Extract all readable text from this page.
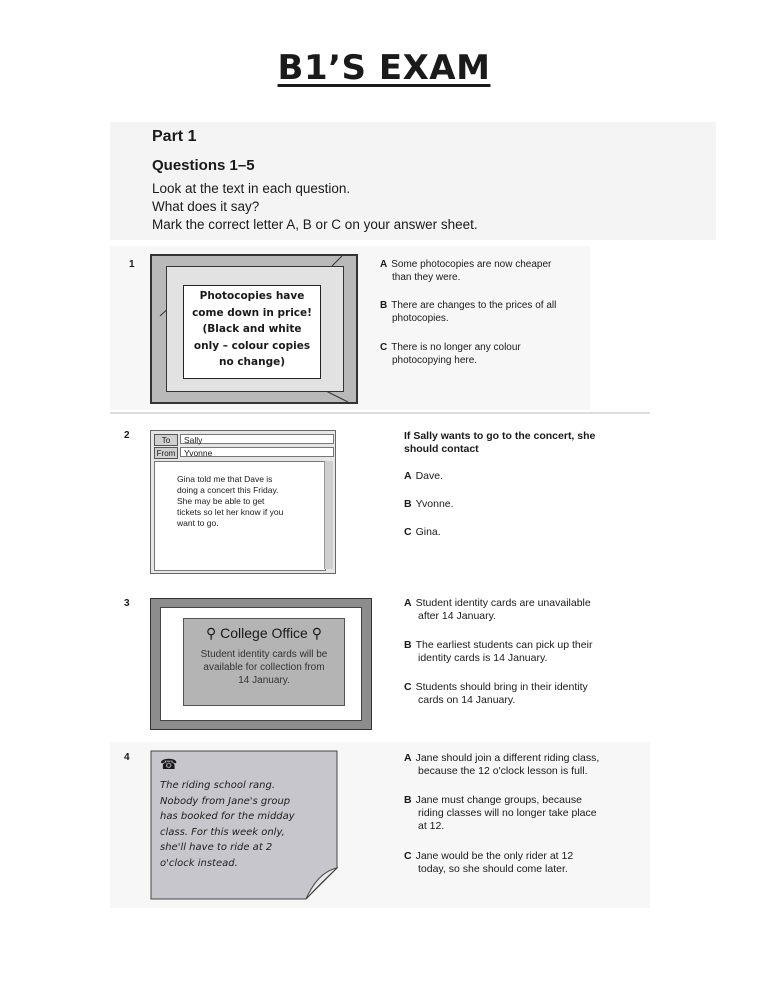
B1’S EXAM
Part 1
Questions 1–5
Look at the text in each question.
What does it say?
Mark the correct letter A, B or C on your answer sheet.
1
Photocopies have
come down in price!
(Black and white
only – colour copies
no change)
A Some photocopies are now cheaper
than they were.
B There are changes to the prices of all
photocopies.
C There is no longer any colour
photocopying here.
2	To	Sally
From	Yvonne

Gina told me that Dave is
doing a concert this Friday.
She may be able to get
tickets so let her know if you
want to go.

If Sally wants to go to the concert, she
should contact
A Dave.
B Yvonne.
C Gina.
3
⚲ College Office ⚲
Student identity cards will be
available for collection from
14 January.
A Student identity cards are unavailable
after 14 January.
B The earliest students can pick up their
identity cards is 14 January.
C Students should bring in their identity
cards on 14 January.
4 ☎

The riding school rang.
Nobody from Jane's group
has booked for the midday
class. For this week only,
she'll have to ride at 2
o'clock instead.

A Jane should join a different riding class,
because the 12 o'clock lesson is full.
B Jane must change groups, because
riding classes will no longer take place
at 12.
C Jane would be the only rider at 12
today, so she should come later.
